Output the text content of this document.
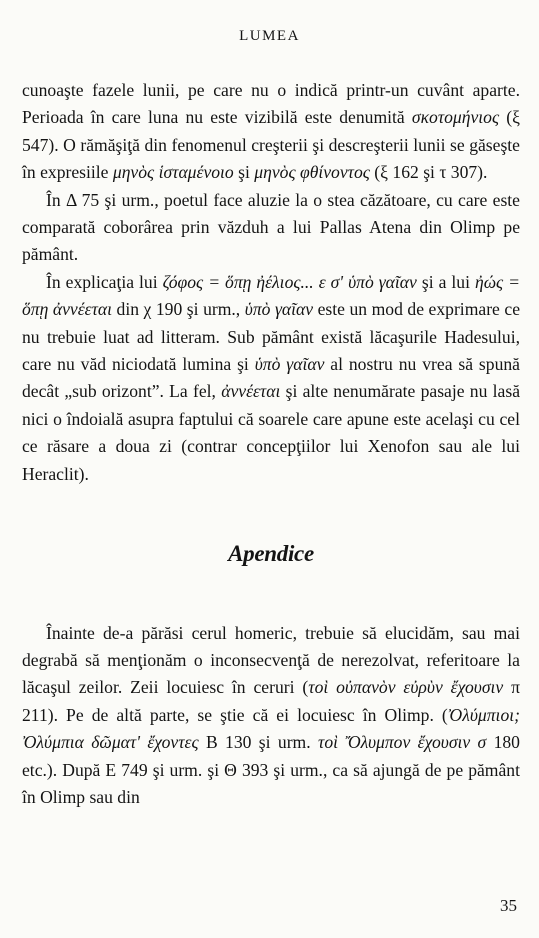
LUMEA

cunoaşte fazele lunii, pe care nu o indică printr-un cuvânt aparte. Perioada în care luna nu este vizibilă este denumită σκοτομήνιος (ξ 547). O rămăşiţă din fenomenul creşterii şi descreşterii lunii se găseşte în expresiile μηνὸς ἱσταμένοιο şi μηνὸς φθίνοντος (ξ 162 şi τ 307).

În Δ 75 şi urm., poetul face aluzie la o stea căzătoare, cu care este comparată coborârea prin văzduh a lui Pallas Atena din Olimp pe pământ.

În explicaţia lui ζόφος = ὅπῃ ἠέλιος... ε σ' ὑπὸ γαῖαν şi a lui ἠώς = ὅπῃ ἀννέεται din χ 190 şi urm., ὑπὸ γαῖαν este un mod de exprimare ce nu trebuie luat ad litteram. Sub pământ există lăcaşurile Hadesului, care nu văd niciodată lumina şi ὑπὸ γαῖαν al nostru nu vrea să spună decât „sub orizont”. La fel, ἀννέεται şi alte nenumărate pasaje nu lasă nici o îndoială asupra faptului că soarele care apune este acelaşi cu cel ce răsare a doua zi (contrar concepţiilor lui Xenofon sau ale lui Heraclit).

Apendice

Înainte de-a părăsi cerul homeric, trebuie să elucidăm, sau mai degrabă să menţionăm o inconsecvenţă de nerezolvat, referitoare la lăcaşul zeilor. Zeii locuiesc în ceruri (τοὶ οὐπανὸν εὐρὺν ἔχουσιν π 211). Pe de altă parte, se ştie că ei locuiesc în Olimp. (Ὀλύμπιοι; Ὀλύμπια δῶματ' ἔχοντες B 130 şi urm. τοὶ Ὄλυμπον ἔχουσιν σ 180 etc.). După E 749 şi urm. şi Θ 393 şi urm., ca să ajungă de pe pământ în Olimp sau din

35
